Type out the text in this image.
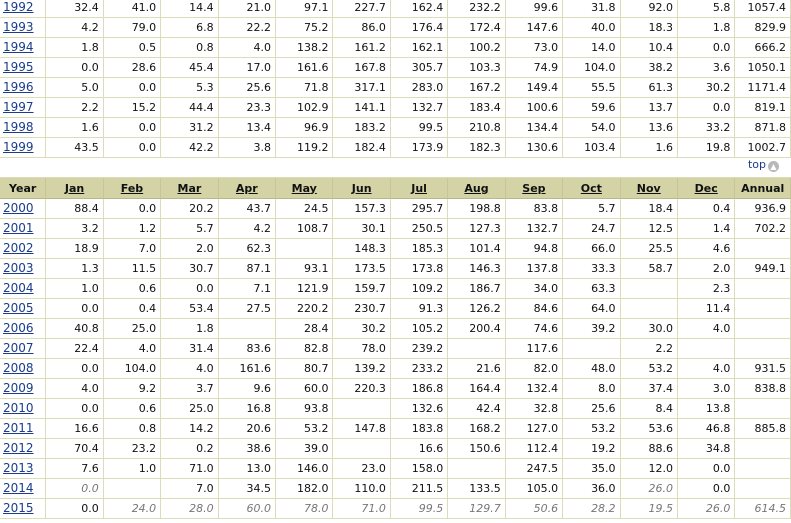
1992	32.4	41.0	14.4	21.0	97.1	227.7	162.4	232.2	99.6	31.8	92.0	5.8	1057.4
1993	4.2	79.0	6.8	22.2	75.2	86.0	176.4	172.4	147.6	40.0	18.3	1.8	829.9
1994	1.8	0.5	0.8	4.0	138.2	161.2	162.1	100.2	73.0	14.0	10.4	0.0	666.2
1995	0.0	28.6	45.4	17.0	161.6	167.8	305.7	103.3	74.9	104.0	38.2	3.6	1050.1
1996	5.0	0.0	5.3	25.6	71.8	317.1	283.0	167.2	149.4	55.5	61.3	30.2	1171.4
1997	2.2	15.2	44.4	23.3	102.9	141.1	132.7	183.4	100.6	59.6	13.7	0.0	819.1
1998	1.6	0.0	31.2	13.4	96.9	183.2	99.5	210.8	134.4	54.0	13.6	33.2	871.8
1999	43.5	0.0	42.2	3.8	119.2	182.4	173.9	182.3	130.6	103.4	1.6	19.8	1002.7
top ▲
Year	Jan	Feb	Mar	Apr	May	Jun	Jul	Aug	Sep	Oct	Nov	Dec	Annual
2000	88.4	0.0	20.2	43.7	24.5	157.3	295.7	198.8	83.8	5.7	18.4	0.4	936.9
2001	3.2	1.2	5.7	4.2	108.7	30.1	250.5	127.3	132.7	24.7	12.5	1.4	702.2
2002	18.9	7.0	2.0	62.3		148.3	185.3	101.4	94.8	66.0	25.5	4.6	
2003	1.3	11.5	30.7	87.1	93.1	173.5	173.8	146.3	137.8	33.3	58.7	2.0	949.1
2004	1.0	0.6	0.0	7.1	121.9	159.7	109.2	186.7	34.0	63.3		2.3	
2005	0.0	0.4	53.4	27.5	220.2	230.7	91.3	126.2	84.6	64.0		11.4	
2006	40.8	25.0	1.8		28.4	30.2	105.2	200.4	74.6	39.2	30.0	4.0	
2007	22.4	4.0	31.4	83.6	82.8	78.0	239.2		117.6		2.2		
2008	0.0	104.0	4.0	161.6	80.7	139.2	233.2	21.6	82.0	48.0	53.2	4.0	931.5
2009	4.0	9.2	3.7	9.6	60.0	220.3	186.8	164.4	132.4	8.0	37.4	3.0	838.8
2010	0.0	0.6	25.0	16.8	93.8		132.6	42.4	32.8	25.6	8.4	13.8	
2011	16.6	0.8	14.2	20.6	53.2	147.8	183.8	168.2	127.0	53.2	53.6	46.8	885.8
2012	70.4	23.2	0.2	38.6	39.0		16.6	150.6	112.4	19.2	88.6	34.8	
2013	7.6	1.0	71.0	13.0	146.0	23.0	158.0		247.5	35.0	12.0	0.0	
2014	0.0		7.0	34.5	182.0	110.0	211.5	133.5	105.0	36.0	26.0	0.0	
2015	0.0	24.0	28.0	60.0	78.0	71.0	99.5	129.7	50.6	28.2	19.5	26.0	614.5
